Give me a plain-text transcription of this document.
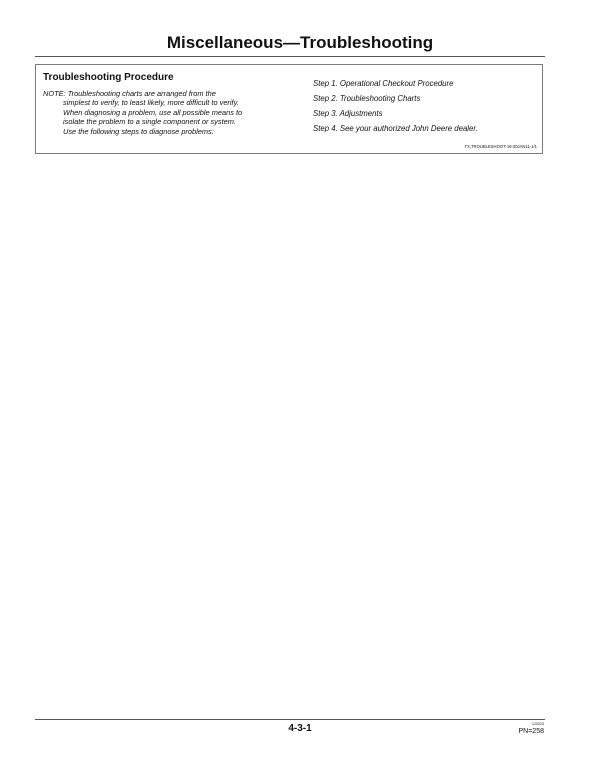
Miscellaneous—Troubleshooting
Troubleshooting Procedure

NOTE: Troubleshooting charts are arranged from the
simplest to verify, to least likely, more difficult to verify.
When diagnosing a problem, use all possible means to
isolate the problem to a single component or system.
Use the following steps to diagnose problems:

Step 1. Operational Checkout Procedure
Step 2. Troubleshooting Charts
Step 3. Adjustments
Step 4. See your authorized John Deere dealer.
TX,TROUBLESHOOT-19-20JAN11-1/1
4-3-1	120223
PN=258
